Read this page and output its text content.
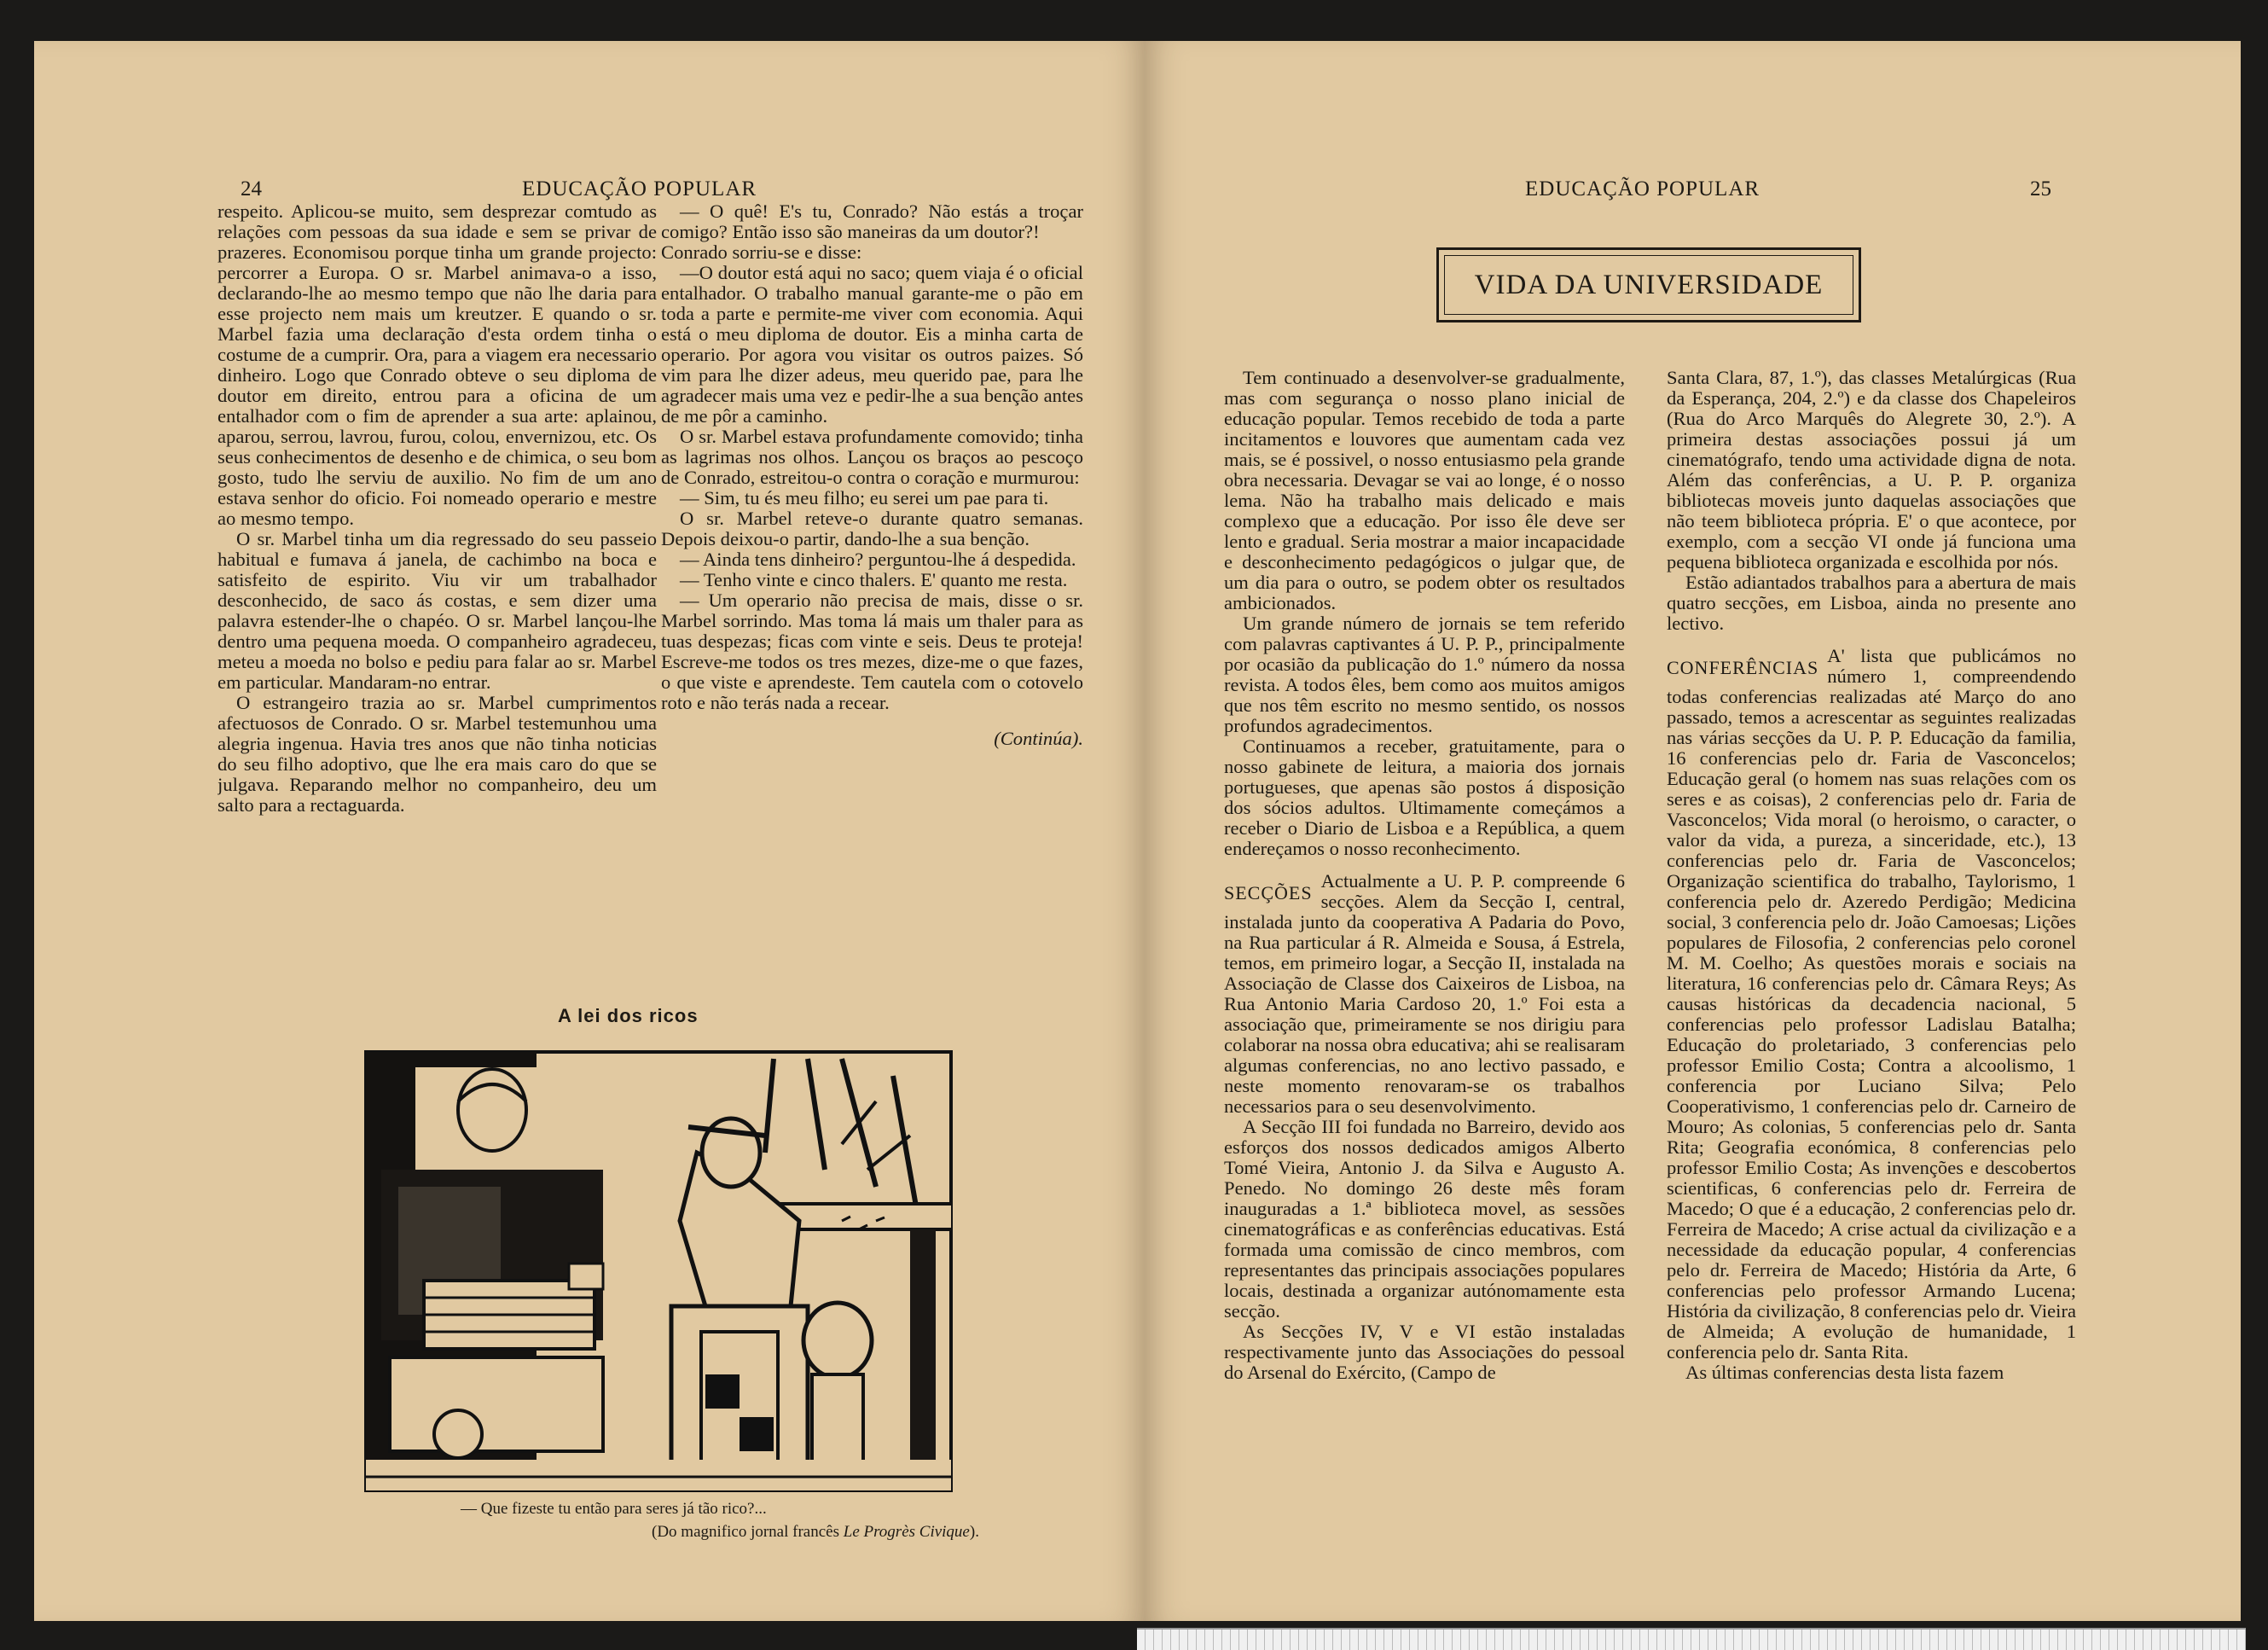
24	EDUCAÇÃO POPULAR

respeito. Aplicou-se muito, sem desprezar comtudo as relações com pessoas da sua idade e sem se privar de prazeres. Economisou porque tinha um grande projecto: percorrer a Europa. O sr. Marbel animava-o a isso, declarando-lhe ao mesmo tempo que não lhe daria para esse projecto nem mais um kreutzer. E quando o sr. Marbel fazia uma declaração d'esta ordem tinha o costume de a cumprir. Ora, para a viagem era necessario dinheiro. Logo que Conrado obteve o seu diploma de doutor em direito, entrou para a oficina de um entalhador com o fim de aprender a sua arte: aplainou, aparou, serrou, lavrou, furou, colou, envernizou, etc. Os seus conhecimentos de desenho e de chimica, o seu bom gosto, tudo lhe serviu de auxilio. No fim de um ano estava senhor do oficio. Foi nomeado operario e mestre ao mesmo tempo.

O sr. Marbel tinha um dia regressado do seu passeio habitual e fumava á janela, de cachimbo na boca e satisfeito de espirito. Viu vir um trabalhador desconhecido, de saco ás costas, e sem dizer uma palavra estender-lhe o chapéo. O sr. Marbel lançou-lhe dentro uma pequena moeda. O companheiro agradeceu, meteu a moeda no bolso e pediu para falar ao sr. Marbel em particular. Mandaram-no entrar.

O estrangeiro trazia ao sr. Marbel cumprimentos afectuosos de Conrado. O sr. Marbel testemunhou uma alegria ingenua. Havia tres anos que não tinha noticias do seu filho adoptivo, que lhe era mais caro do que se julgava. Reparando melhor no companheiro, deu um salto para a rectaguarda.

— O quê! E's tu, Conrado? Não estás a troçar comigo? Então isso são maneiras da um doutor?!

Conrado sorriu-se e disse:

—O doutor está aqui no saco; quem viaja é o oficial entalhador. O trabalho manual garante-me o pão em toda a parte e permite-me viver com economia. Aqui está o meu diploma de doutor. Eis a minha carta de operario. Por agora vou visitar os outros paizes. Só vim para lhe dizer adeus, meu querido pae, para lhe agradecer mais uma vez e pedir-lhe a sua benção antes de me pôr a caminho.

O sr. Marbel estava profundamente comovido; tinha as lagrimas nos olhos. Lançou os braços ao pescoço de Conrado, estreitou-o contra o coração e murmurou:

— Sim, tu és meu filho; eu serei um pae para ti.

O sr. Marbel reteve-o durante quatro semanas. Depois deixou-o partir, dando-lhe a sua benção.

— Ainda tens dinheiro? perguntou-lhe á despedida.

— Tenho vinte e cinco thalers. E' quanto me resta.

— Um operario não precisa de mais, disse o sr. Marbel sorrindo. Mas toma lá mais um thaler para as tuas despezas; ficas com vinte e seis. Deus te proteja! Escreve-me todos os tres mezes, dize-me o que fazes, o que viste e aprendeste. Tem cautela com o cotovelo roto e não terás nada a recear.

(Continúa).

A lei dos ricos
— Que fizeste tu então para seres já tão rico?...
(Do magnifico jornal francês Le Progrès Civique).
EDUCAÇÃO POPULAR	25
VIDA DA UNIVERSIDADE

Tem continuado a desenvolver-se gradualmente, mas com segurança o nosso plano inicial de educação popular. Temos recebido de toda a parte incitamentos e louvores que aumentam cada vez mais, se é possivel, o nosso entusiasmo pela grande obra necessaria. Devagar se vai ao longe, é o nosso lema. Não ha trabalho mais delicado e mais complexo que a educação. Por isso êle deve ser lento e gradual. Seria mostrar a maior incapacidade e desconhecimento pedagógicos o julgar que, de um dia para o outro, se podem obter os resultados ambicionados.

Um grande número de jornais se tem referido com palavras captivantes á U. P. P., principalmente por ocasião da publicação do 1.º número da nossa revista. A todos êles, bem como aos muitos amigos que nos têm escrito no mesmo sentido, os nossos profundos agradecimentos.

Continuamos a receber, gratuitamente, para o nosso gabinete de leitura, a maioria dos jornais portugueses, que apenas são postos á disposição dos sócios adultos. Ultimamente começámos a receber o Diario de Lisboa e a República, a quem endereçamos o nosso reconhecimento.

SECÇÕES

Actualmente a U. P. P. compreende 6 secções. Alem da Secção I, central, instalada junto da cooperativa A Padaria do Povo, na Rua particular á R. Almeida e Sousa, á Estrela, temos, em primeiro logar, a Secção II, instalada na Associação de Classe dos Caixeiros de Lisboa, na Rua Antonio Maria Cardoso 20, 1.º Foi esta a associação que, primeiramente se nos dirigiu para colaborar na nossa obra educativa; ahi se realisaram algumas conferencias, no ano lectivo passado, e neste momento renovaram-se os trabalhos necessarios para o seu desenvolvimento.

A Secção III foi fundada no Barreiro, devido aos esforços dos nossos dedicados amigos Alberto Tomé Vieira, Antonio J. da Silva e Augusto A. Penedo. No domingo 26 deste mês foram inauguradas a 1.ª biblioteca movel, as sessões cinematográficas e as conferências educativas. Está formada uma comissão de cinco membros, com representantes das principais associações populares locais, destinada a organizar autónomamente esta secção.

As Secções IV, V e VI estão instaladas respectivamente junto das Associações do pessoal do Arsenal do Exército, (Campo de

Santa Clara, 87, 1.º), das classes Metalúrgicas (Rua da Esperança, 204, 2.º) e da classe dos Chapeleiros (Rua do Arco Marquês do Alegrete 30, 2.º). A primeira destas associações possui já um cinematógrafo, tendo uma actividade digna de nota. Além das conferências, a U. P. P. organiza bibliotecas moveis junto daquelas associações que não teem biblioteca própria. E' o que acontece, por exemplo, com a secção VI onde já funciona uma pequena biblioteca organizada e escolhida por nós.

Estão adiantados trabalhos para a abertura de mais quatro secções, em Lisboa, ainda no presente ano lectivo.

CONFERÊNCIAS

A' lista que publicámos no número 1, compreendendo todas conferencias realizadas até Março do ano passado, temos a acrescentar as seguintes realizadas nas várias secções da U. P. P. Educação da familia, 16 conferencias pelo dr. Faria de Vasconcelos; Educação geral (o homem nas suas relações com os seres e as coisas), 2 conferencias pelo dr. Faria de Vasconcelos; Vida moral (o heroismo, o caracter, o valor da vida, a pureza, a sinceridade, etc.), 13 conferencias pelo dr. Faria de Vasconcelos; Organização scientifica do trabalho, Taylorismo, 1 conferencia pelo dr. Azeredo Perdigão; Medicina social, 3 conferencia pelo dr. João Camoesas; Lições populares de Filosofia, 2 conferencias pelo coronel M. M. Coelho; As questões morais e sociais na literatura, 16 conferencias pelo dr. Câmara Reys; As causas históricas da decadencia nacional, 5 conferencias pelo professor Ladislau Batalha; Educação do proletariado, 3 conferencias pelo professor Emilio Costa; Contra a alcoolismo, 1 conferencia por Luciano Silva; Pelo Cooperativismo, 1 conferencias pelo dr. Carneiro de Mouro; As colonias, 5 conferencias pelo dr. Santa Rita; Geografia económica, 8 conferencias pelo professor Emilio Costa; As invenções e descobertos scientificas, 6 conferencias pelo dr. Ferreira de Macedo; O que é a educação, 2 conferencias pelo dr. Ferreira de Macedo; A crise actual da civilização e a necessidade da educação popular, 4 conferencias pelo dr. Ferreira de Macedo; História da Arte, 6 conferencias pelo professor Armando Lucena; História da civilização, 8 conferencias pelo dr. Vieira de Almeida; A evolução de humanidade, 1 conferencia pelo dr. Santa Rita.

As últimas conferencias desta lista fazem
